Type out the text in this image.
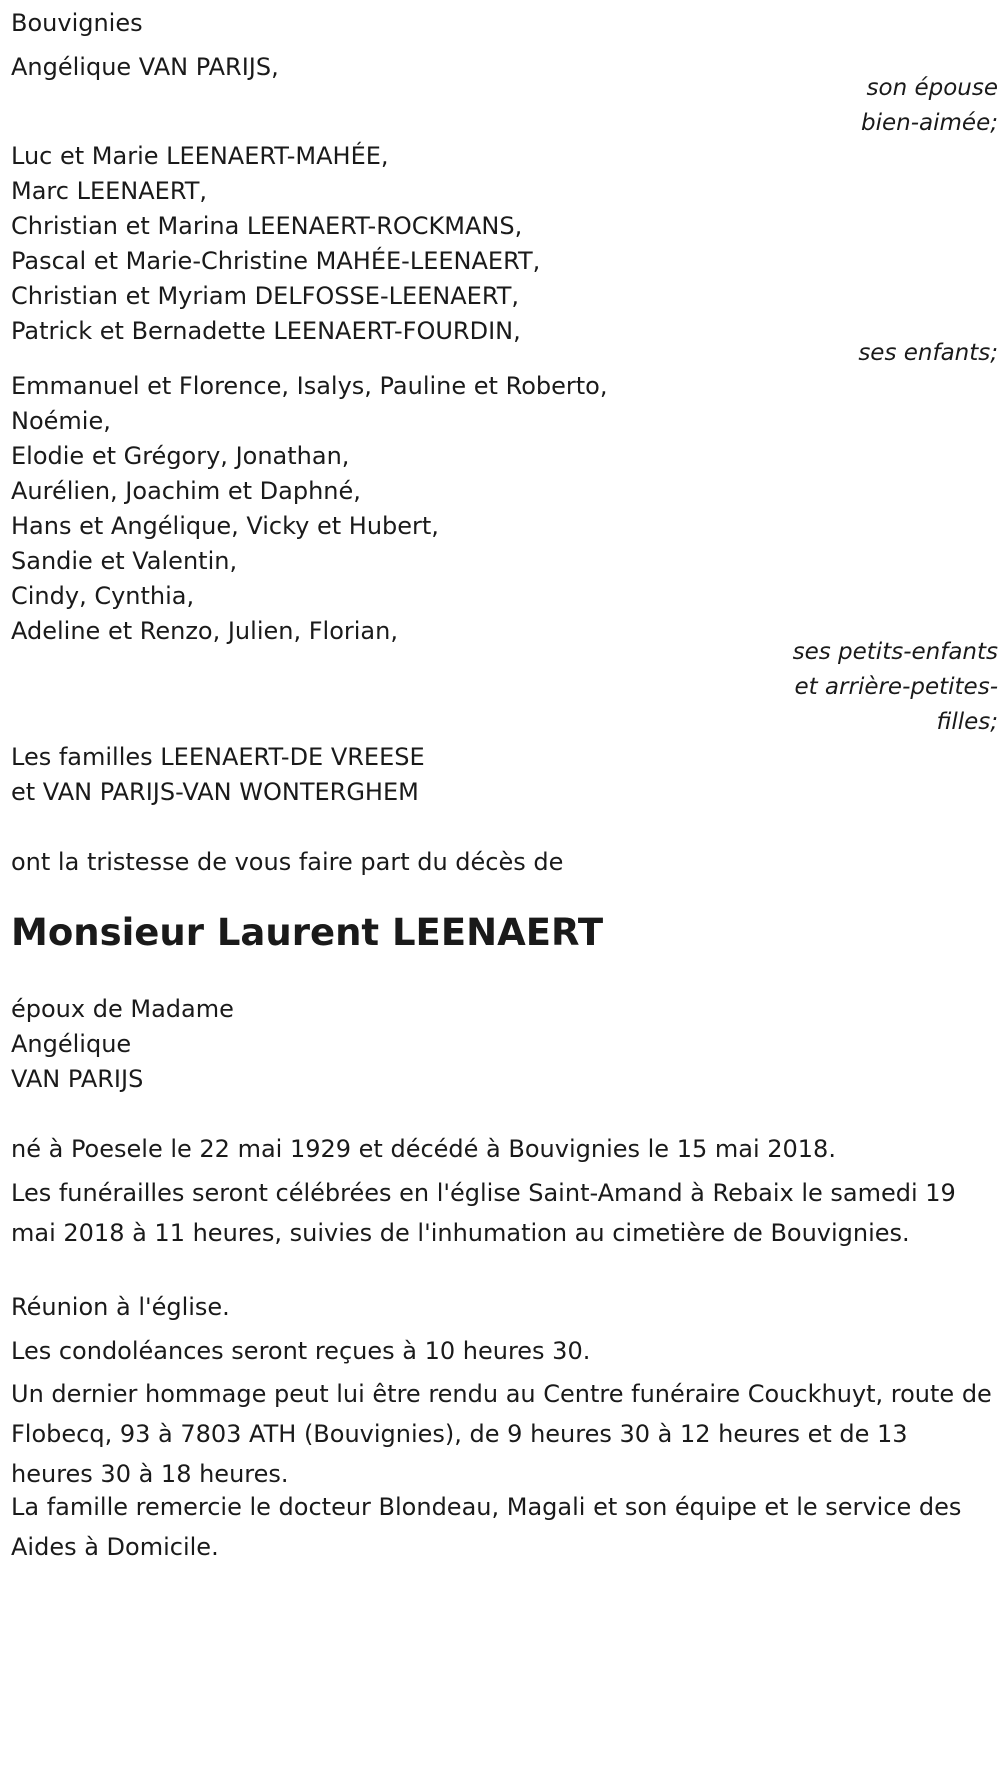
Bouvignies

Angélique VAN PARIJS,

son épouse

bien-aimée;

Luc et Marie LEENAERT-MAHÉE,

Marc LEENAERT,

Christian et Marina LEENAERT-ROCKMANS,

Pascal et Marie-Christine MAHÉE-LEENAERT,

Christian et Myriam DELFOSSE-LEENAERT,

Patrick et Bernadette LEENAERT-FOURDIN,

ses enfants;

Emmanuel et Florence, Isalys, Pauline et Roberto,

Noémie,

Elodie et Grégory, Jonathan,

Aurélien, Joachim et Daphné,

Hans et Angélique, Vicky et Hubert,

Sandie et Valentin,

Cindy, Cynthia,

Adeline et Renzo, Julien, Florian,

ses petits-enfants

et arrière-petites-

filles;

Les familles LEENAERT-DE VREESE

et VAN PARIJS-VAN WONTERGHEM

ont la tristesse de vous faire part du décès de

Monsieur Laurent LEENAERT

époux de Madame

Angélique

VAN PARIJS

né à Poesele le 22 mai 1929 et décédé à Bouvignies le 15 mai 2018.

Les funérailles seront célébrées en l'église Saint-Amand à Rebaix le samedi 19 mai 2018 à 11 heures, suivies de l'inhumation au cimetière de Bouvignies.

Réunion à l'église.

Les condoléances seront reçues à 10 heures 30.

Un dernier hommage peut lui être rendu au Centre funéraire Couckhuyt, route de Flobecq, 93 à 7803 ATH (Bouvignies), de 9 heures 30 à 12 heures et de 13 heures 30 à 18 heures.

La famille remercie le docteur Blondeau, Magali et son équipe et le service des Aides à Domicile.
